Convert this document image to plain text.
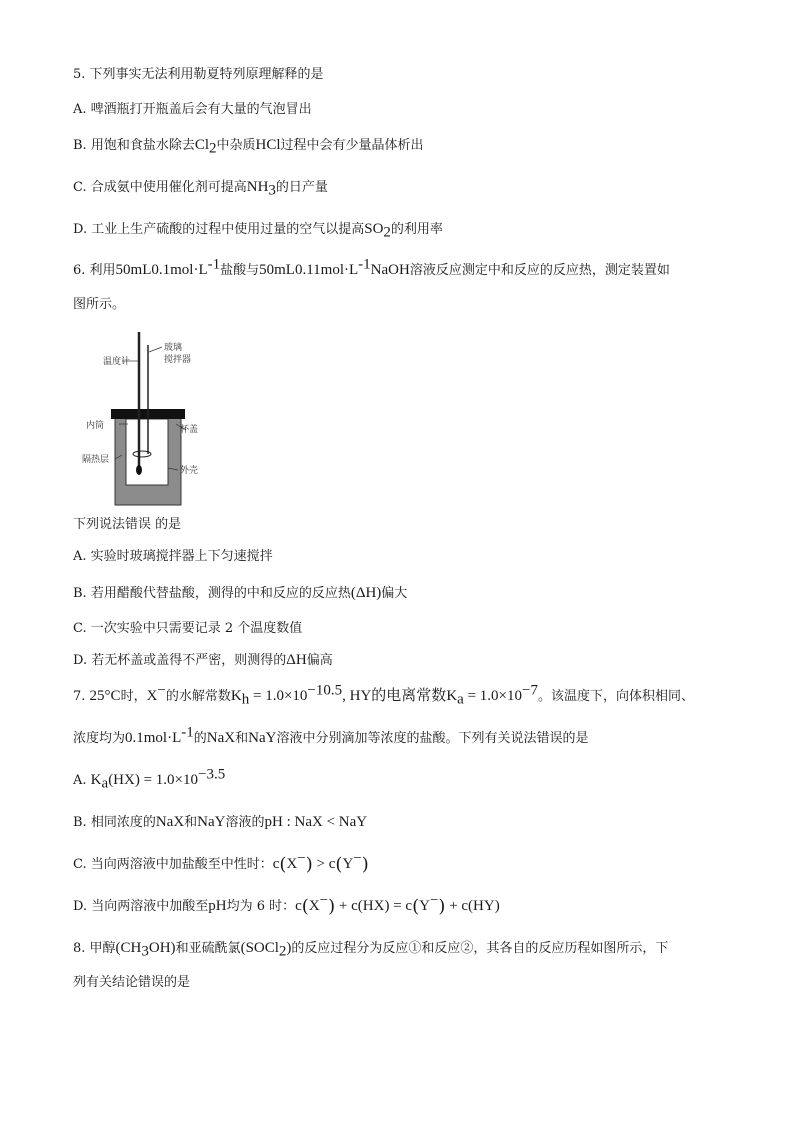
5. 下列事实无法利用勒夏特列原理解释的是
A. 啤酒瓶打开瓶盖后会有大量的气泡冒出
B. 用饱和食盐水除去$Cl_2$中杂质HCl过程中会有少量晶体析出
C. 合成氨中使用催化剂可提高$NH_3$的日产量
D. 工业上生产硫酸的过程中使用过量的空气以提高$SO_2$的利用率
6. 利用$50mL0.1mol\cdot L^{-1}$盐酸与$50mL0.11mol\cdot L^{-1}NaOH$溶液反应测定中和反应的反应热，测定装置如
图所示。
温度计
玻璃
搅拌器
内筒	杯盖
隔热层
外壳
下列说法错误 的是
A. 实验时玻璃搅拌器上下匀速搅拌
B. 若用醋酸代替盐酸，测得的中和反应的反应热(ΔH)偏大
C. 一次实验中只需要记录 2 个温度数值
D. 若无杯盖或盖得不严密，则测得的ΔH偏高
7. 25°C时，X−的水解常数$K_h = 1.0\times 10^{-10.5}$, HY的电离常数$K_a = 1.0\times 10^{-7}$。该温度下，向体积相同、
浓度均为$0.1mol\cdot L^{-1}$的NaX和NaY溶液中分别滴加等浓度的盐酸。下列有关说法错误的是
A. $K_a(HX) = 1.0\times 10^{-3.5}$
B. 相同浓度的NaX和NaY溶液的pH : NaX < NaY
C. 当向两溶液中加盐酸至中性时：c(X−) > c(Y−)
D. 当向两溶液中加酸至pH均为 6 时：c(X−) + c(HX) = c(Y−) + c(HY)
8. 甲醇$(CH_3OH)$和亚硫酰氯(SOCl$_2$)的反应过程分为反应①和反应②，其各自的反应历程如图所示，下
列有关结论错误的是
